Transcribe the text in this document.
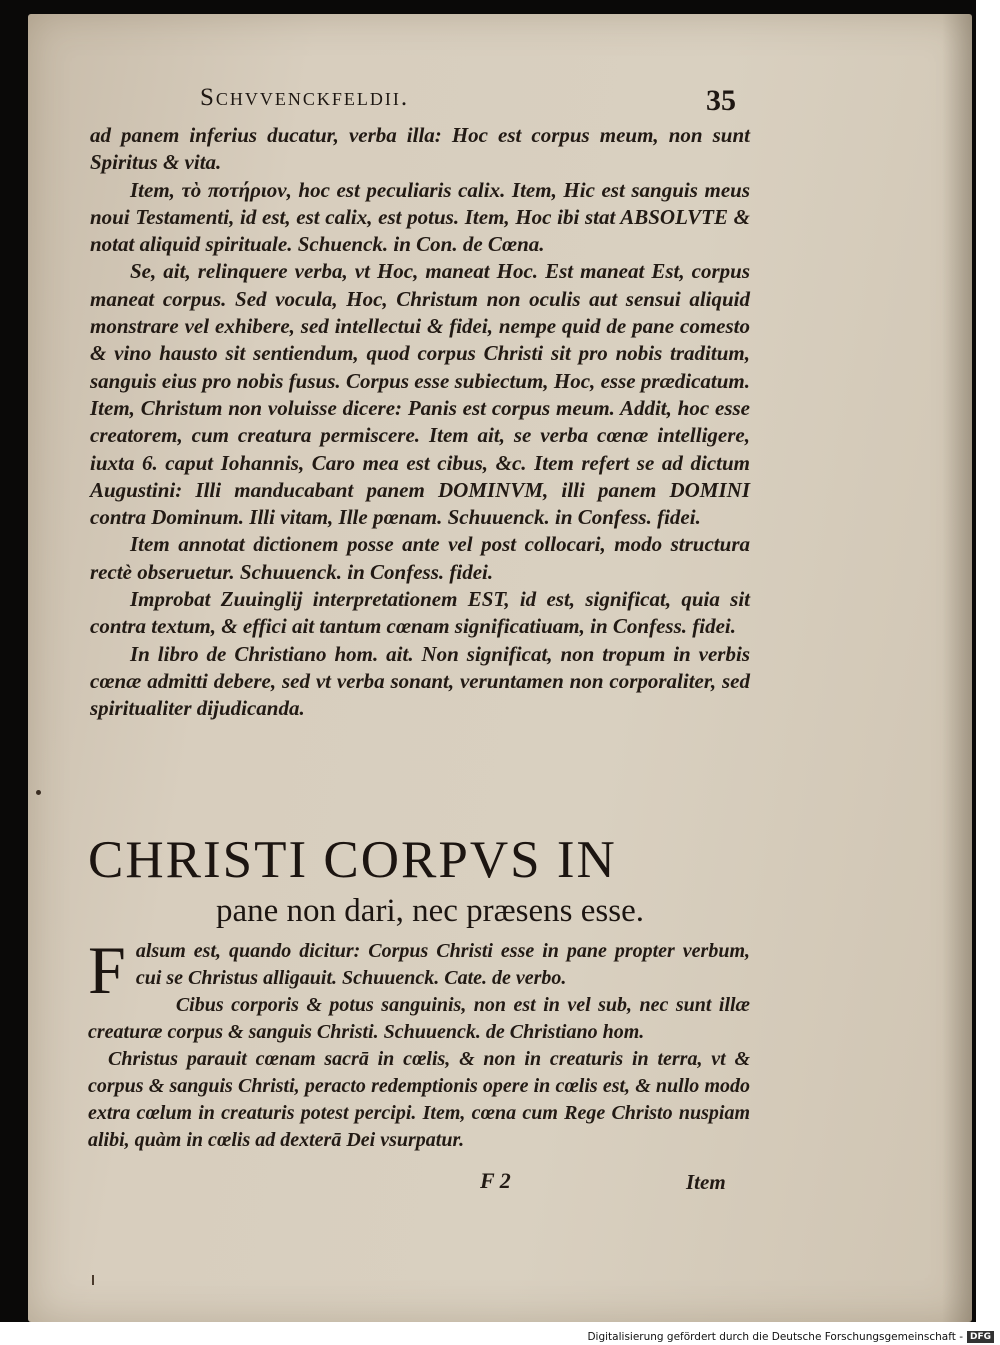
Schvvenckfeldii.	35

ad panem inferius ducatur, verba illa: Hoc est corpus meum, non sunt Spiritus & vita.

Item, τὸ ποτήριον, hoc est peculiaris calix. Item, Hic est sanguis meus noui Testamenti, id est, est calix, est potus. Item, Hoc ibi stat ABSOLVTE & notat aliquid spirituale. Schuenck. in Con. de Cœna.

Se, ait, relinquere verba, vt Hoc, maneat Hoc. Est maneat Est, corpus maneat corpus. Sed vocula, Hoc, Christum non oculis aut sensui aliquid monstrare vel exhibere, sed intellectui & fidei, nempe quid de pane comesto & vino hausto sit sentiendum, quod corpus Christi sit pro nobis traditum, sanguis eius pro nobis fusus. Corpus esse subiectum, Hoc, esse prædicatum. Item, Christum non voluisse dicere: Panis est corpus meum. Addit, hoc esse creatorem, cum creatura permiscere. Item ait, se verba cœnæ intelligere, iuxta 6. caput Iohannis, Caro mea est cibus, &c. Item refert se ad dictum Augustini: Illi manducabant panem DOMINVM, illi panem DOMINI contra Dominum. Illi vitam, Ille pœnam. Schuuenck. in Confess. fidei.

Item annotat dictionem posse ante vel post collocari, modo structura rectè obseruetur. Schuuenck. in Confess. fidei.

Improbat Zuuinglij interpretationem EST, id est, significat, quia sit contra textum, & effici ait tantum cœnam significatiuam, in Confess. fidei.

In libro de Christiano hom. ait. Non significat, non tropum in verbis cœnæ admitti debere, sed vt verba sonant, veruntamen non corporaliter, sed spiritualiter dijudicanda.

CHRISTI CORPVS IN
pane non dari, nec præsens esse.

Falsum est, quando dicitur: Corpus Christi esse in pane propter verbum, cui se Christus alligauit. Schuuenck. Cate. de verbo.

Cibus corporis & potus sanguinis, non est in vel sub, nec sunt illæ creaturæ corpus & sanguis Christi. Schuuenck. de Christiano hom.

Christus parauit cœnam sacrā in cœlis, & non in creaturis in terra, vt & corpus & sanguis Christi, peracto redemptionis opere in cœlis est, & nullo modo extra cœlum in creaturis potest percipi. Item, cœna cum Rege Christo nuspiam alibi, quàm in cœlis ad dexterā Dei vsurpatur.

F 2	Item
Digitalisierung gefördert durch die Deutsche Forschungsgemeinschaft - DFG
